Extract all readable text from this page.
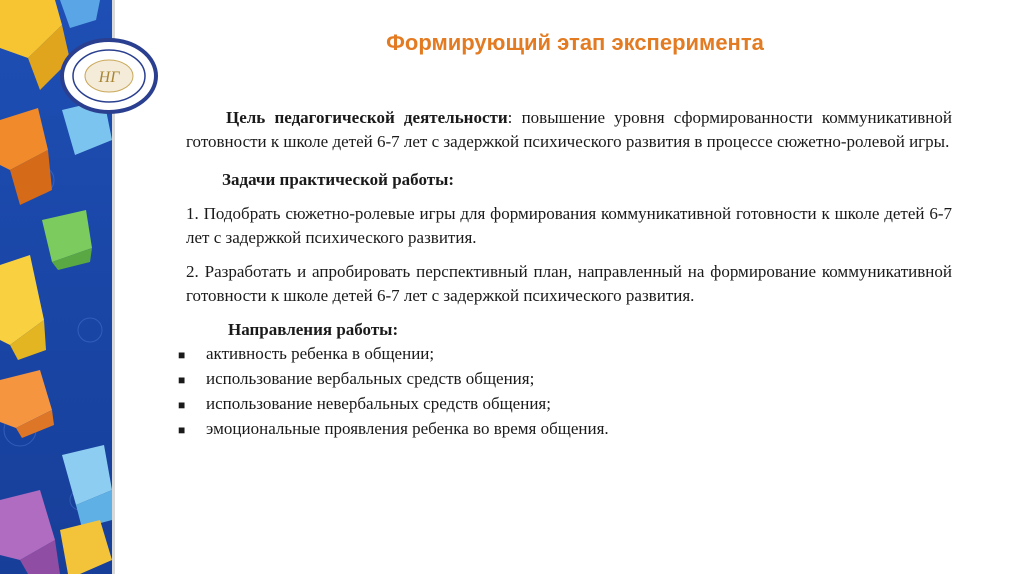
НГ
Формирующий этап эксперимента

Цель педагогической деятельности: повышение уровня сформированности коммуникативной готовности к школе детей 6-7 лет с задержкой психического развития в процессе сюжетно-ролевой игры.

Задачи практической работы:

1. Подобрать сюжетно-ролевые игры для формирования коммуникативной готовности к школе детей 6-7 лет с задержкой психического развития.

2. Разработать и апробировать перспективный план, направленный на формирование коммуникативной готовности к школе детей 6-7 лет с задержкой психического развития.

Направления работы:

■	активность ребенка в общении;
■	использование вербальных средств общения;
■	использование невербальных средств общения;
■	эмоциональные проявления ребенка во время общения.
